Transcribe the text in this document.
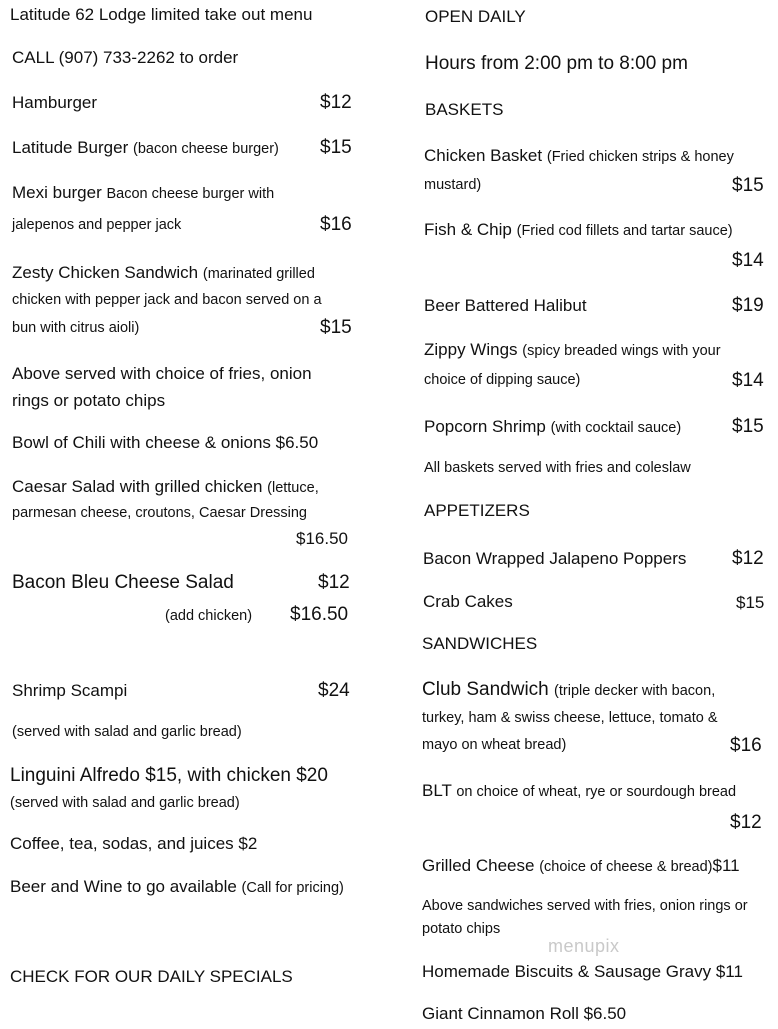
Latitude 62 Lodge limited take out menu
CALL (907) 733-2262 to order
Hamburger	$12
Latitude Burger (bacon cheese burger) $15
Mexi burger Bacon cheese burger with
jalepenos and pepper jack	$16
Zesty Chicken Sandwich (marinated grilled
chicken with pepper jack and bacon served on a
bun with citrus aioli)	$15
Above served with choice of fries, onion
rings or potato chips
Bowl of Chili with cheese & onions $6.50
Caesar Salad with grilled chicken (lettuce,
parmesan cheese, croutons, Caesar Dressing
$16.50
Bacon Bleu Cheese Salad	$12
(add chicken) $16.50
Shrimp Scampi	$24
(served with salad and garlic bread)
Linguini Alfredo $15, with chicken $20
(served with salad and garlic bread)
Coffee, tea, sodas, and juices $2
Beer and Wine to go available (Call for pricing)
CHECK FOR OUR DAILY SPECIALS
OPEN DAILY
Hours from 2:00 pm to 8:00 pm
BASKETS
Chicken Basket (Fried chicken strips & honey
mustard)	$15
Fish & Chip (Fried cod fillets and tartar sauce)
$14
Beer Battered Halibut	$19
Zippy Wings (spicy breaded wings with your
choice of dipping sauce)	$14
Popcorn Shrimp (with cocktail sauce)	$15
All baskets served with fries and coleslaw
APPETIZERS
Bacon Wrapped Jalapeno Poppers $12
Crab Cakes	$15
SANDWICHES
Club Sandwich (triple decker with bacon,
turkey, ham & swiss cheese, lettuce, tomato &
mayo on wheat bread)	$16
BLT on choice of wheat, rye or sourdough bread
$12
Grilled Cheese (choice of cheese & bread)$11
Above sandwiches served with fries, onion rings or
potato chips
menupix
Homemade Biscuits & Sausage Gravy $11
Giant Cinnamon Roll $6.50
